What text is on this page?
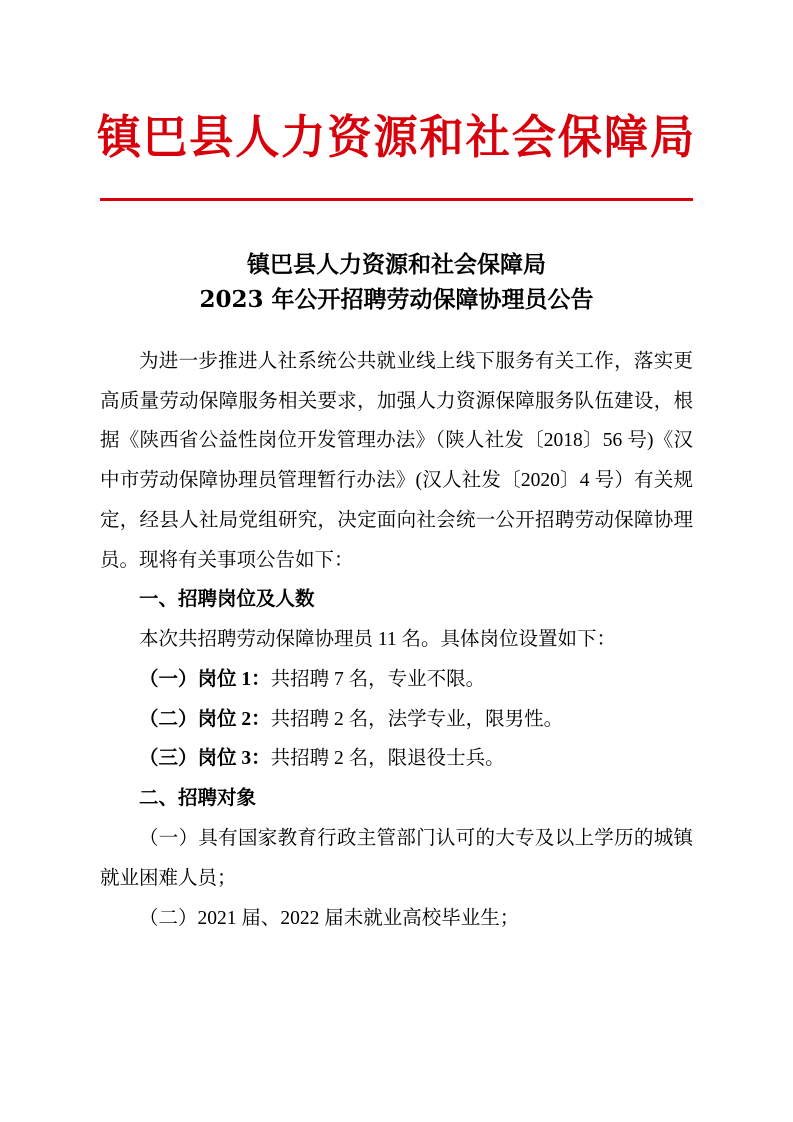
镇巴县人力资源和社会保障局
镇巴县人力资源和社会保障局
2023 年公开招聘劳动保障协理员公告

为进一步推进人社系统公共就业线上线下服务有关工作，落实更高质量劳动保障服务相关要求，加强人力资源保障服务队伍建设，根据《陕西省公益性岗位开发管理办法》（陕人社发〔2018〕56 号)《汉中市劳动保障协理员管理暂行办法》(汉人社发〔2020〕4 号）有关规定，经县人社局党组研究，决定面向社会统一公开招聘劳动保障协理员。现将有关事项公告如下：

一、招聘岗位及人数

本次共招聘劳动保障协理员 11 名。具体岗位设置如下：

（一）岗位 1：共招聘 7 名，专业不限。

（二）岗位 2：共招聘 2 名，法学专业，限男性。

（三）岗位 3：共招聘 2 名，限退役士兵。

二、招聘对象

（一）具有国家教育行政主管部门认可的大专及以上学历的城镇就业困难人员；

（二）2021 届、2022 届未就业高校毕业生；
